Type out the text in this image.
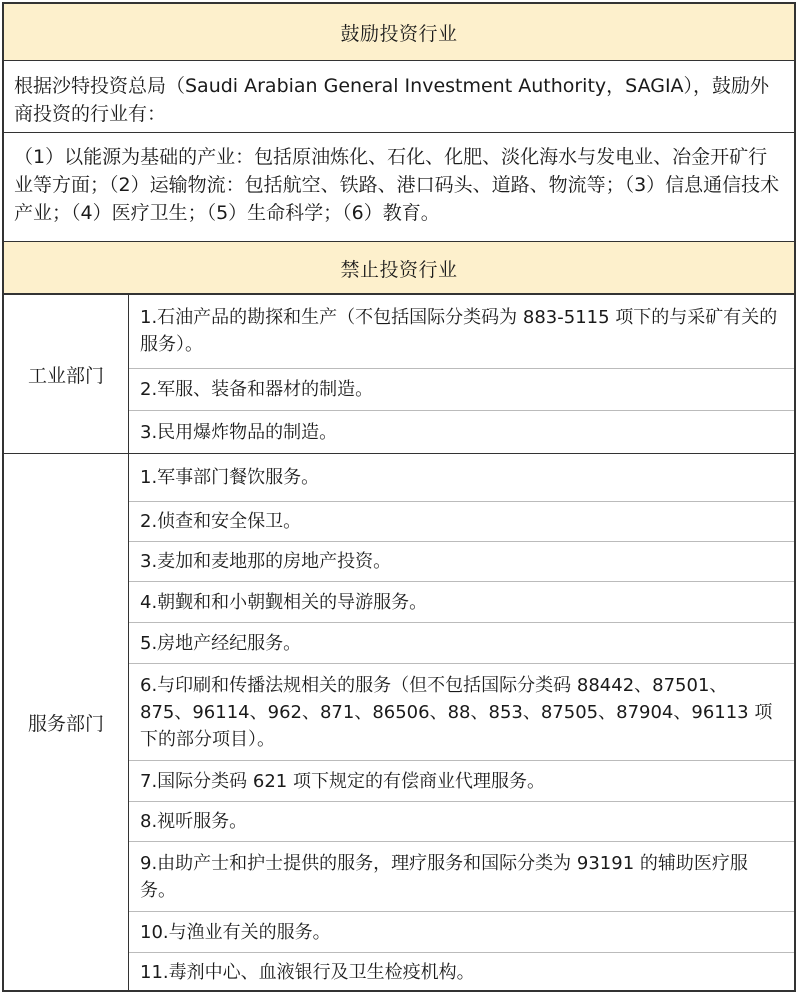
鼓励投资行业
根据沙特投资总局（Saudi Arabian General Investment Authority，SAGIA），鼓励外商投资的行业有：
（1）以能源为基础的产业：包括原油炼化、石化、化肥、淡化海水与发电业、冶金开矿行业等方面；（2）运输物流：包括航空、铁路、港口码头、道路、物流等；（3）信息通信技术产业；（4）医疗卫生；（5）生命科学；（6）教育。
禁止投资行业
工业部门
1.石油产品的勘探和生产（不包括国际分类码为 883-5115 项下的与采矿有关的服务）。
2.军服、装备和器材的制造。
3.民用爆炸物品的制造。
服务部门
1.军事部门餐饮服务。
2.侦查和安全保卫。
3.麦加和麦地那的房地产投资。
4.朝觐和和小朝觐相关的导游服务。
5.房地产经纪服务。
6.与印刷和传播法规相关的服务（但不包括国际分类码 88442、87501、 875、96114、962、871、86506、88、853、87505、87904、96113 项下的部分项目）。
7.国际分类码 621 项下规定的有偿商业代理服务。
8.视听服务。
9.由助产士和护士提供的服务，理疗服务和国际分类为 93191 的辅助医疗服务。
10.与渔业有关的服务。
11.毒剂中心、血液银行及卫生检疫机构。
